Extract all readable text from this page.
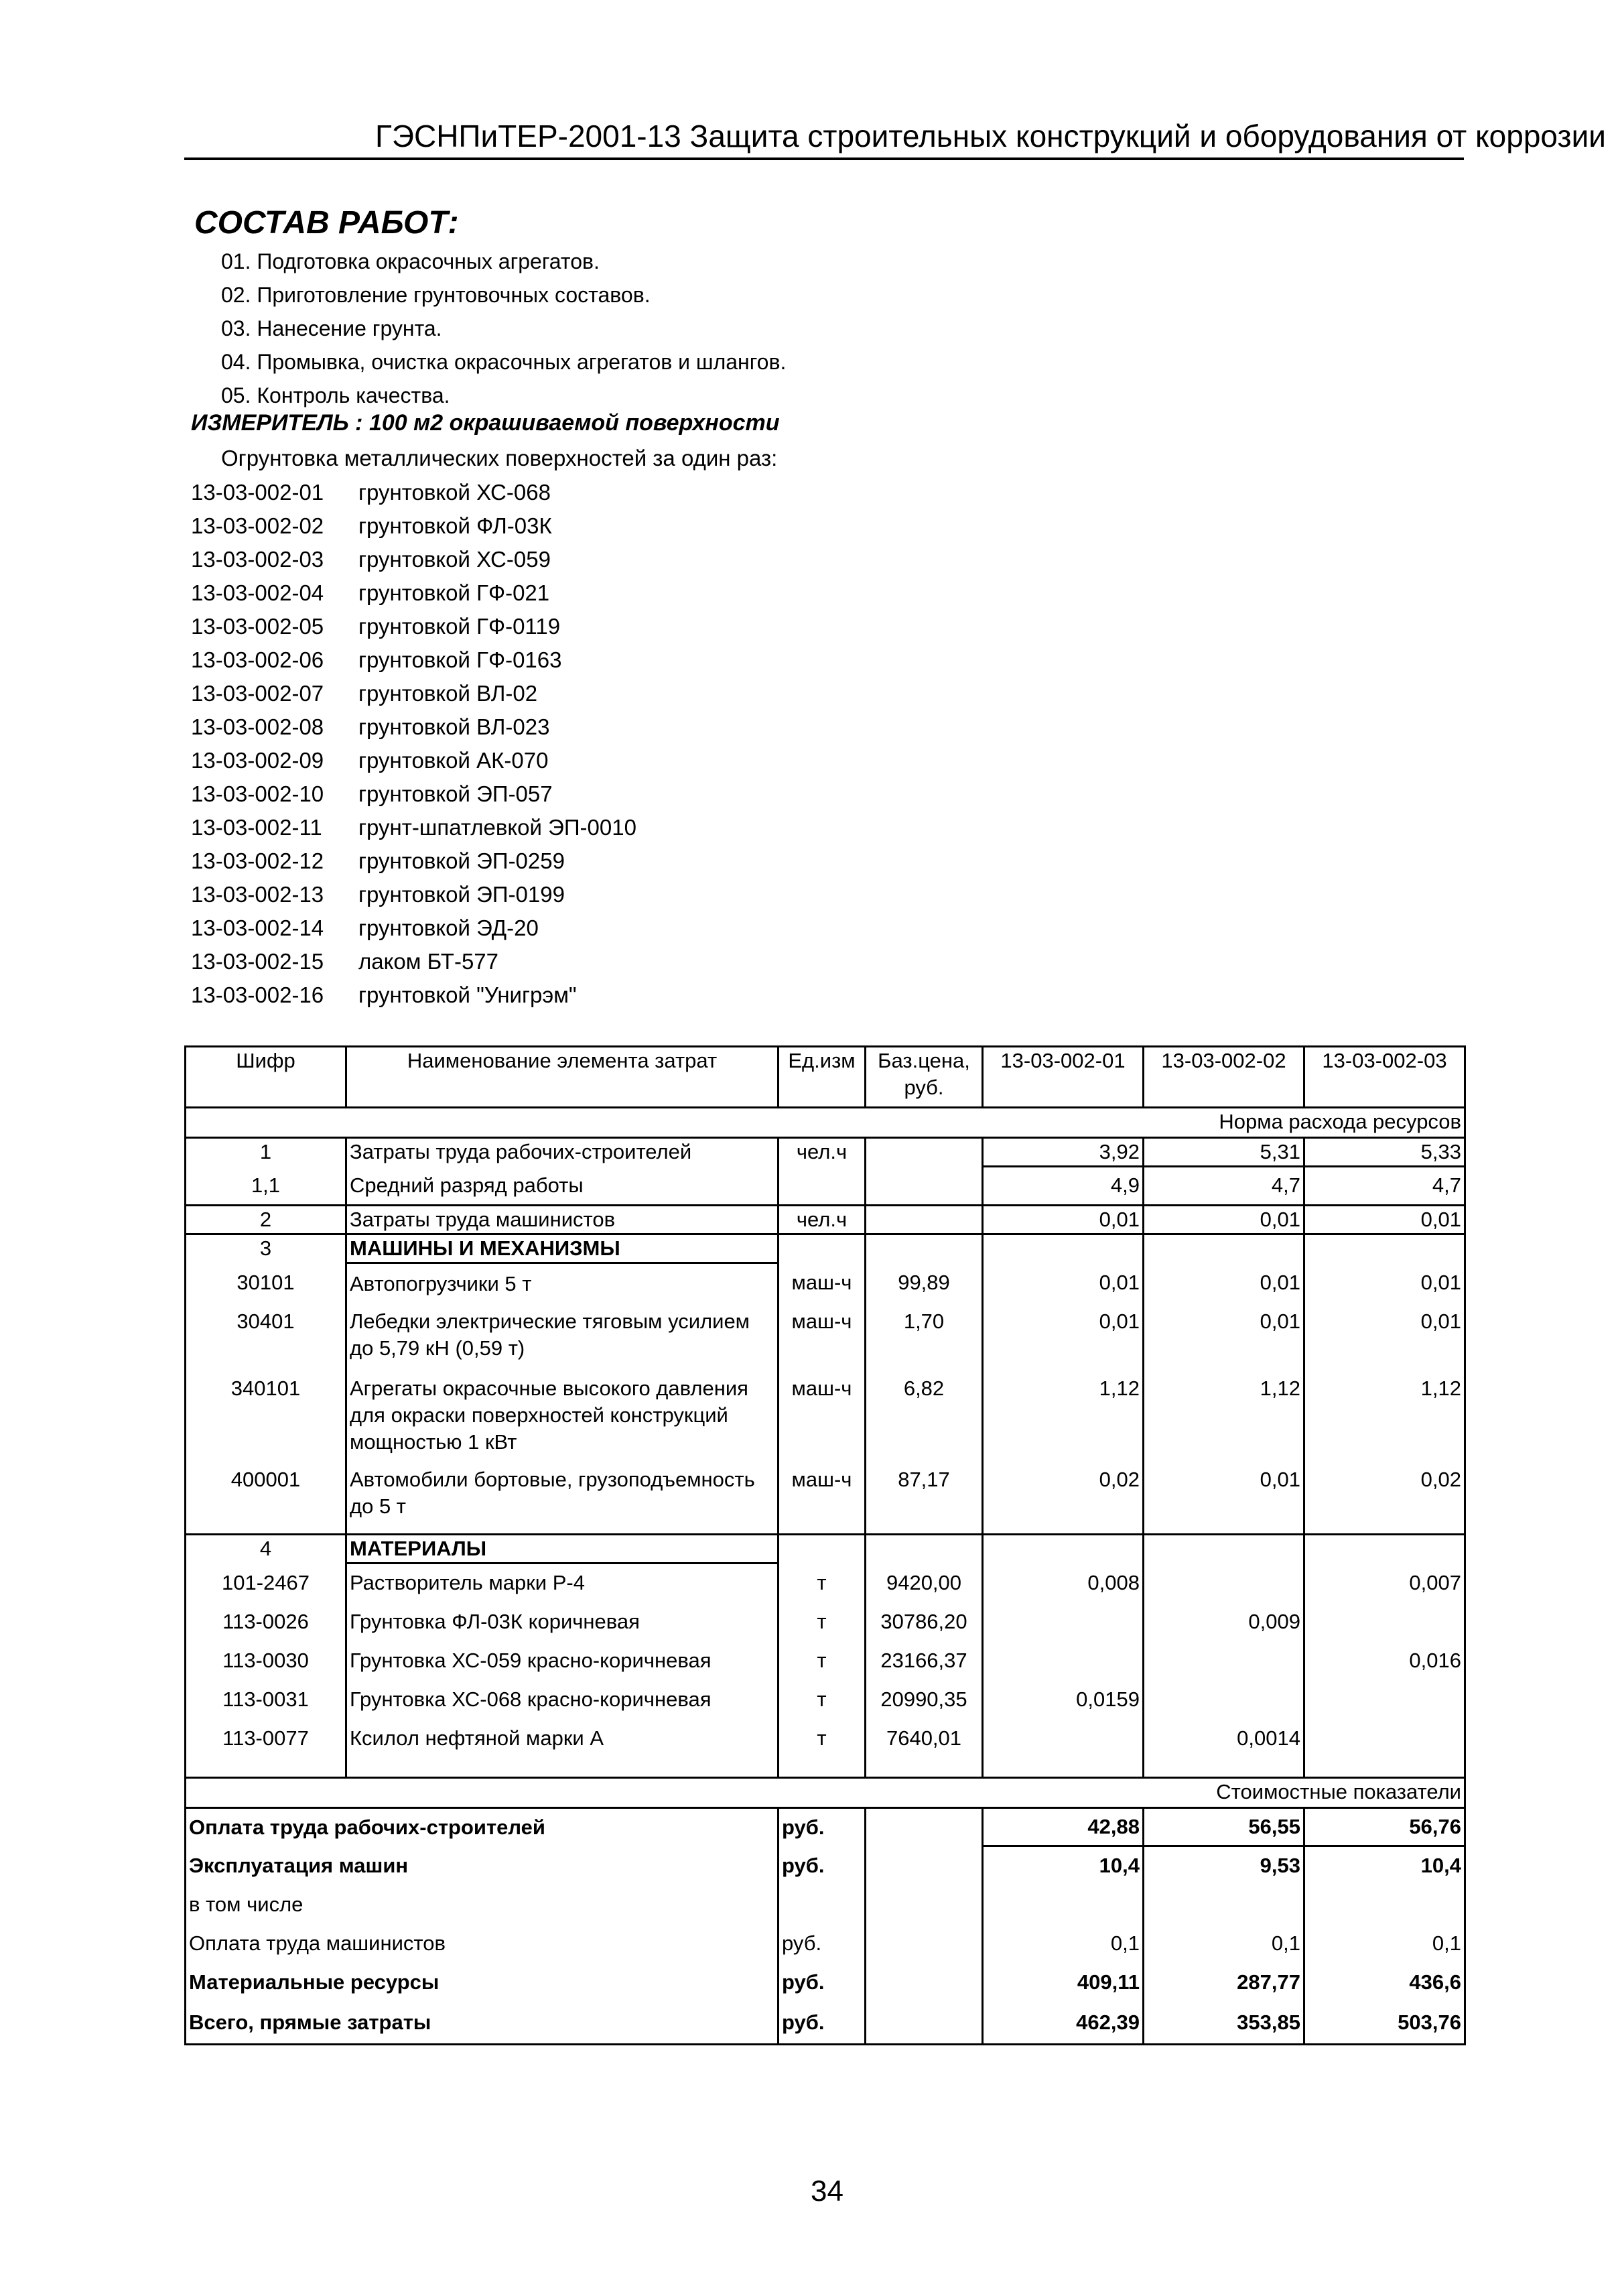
ГЭСНПиТЕР-2001-13 Защита строительных конструкций и оборудования от коррозии
СОСТАВ РАБОТ:
01. Подготовка окрасочных агрегатов.
02. Приготовление грунтовочных составов.
03. Нанесение грунта.
04. Промывка, очистка окрасочных агрегатов и шлангов.
05. Контроль качества.
ИЗМЕРИТЕЛЬ : 100 м2 окрашиваемой поверхности
Огрунтовка металлических поверхностей за один раз:
13-03-002-01 грунтовкой ХС-068
13-03-002-02 грунтовкой ФЛ-03К
13-03-002-03 грунтовкой ХС-059
13-03-002-04 грунтовкой ГФ-021
13-03-002-05 грунтовкой ГФ-0119
13-03-002-06 грунтовкой ГФ-0163
13-03-002-07 грунтовкой ВЛ-02
13-03-002-08 грунтовкой ВЛ-023
13-03-002-09 грунтовкой АК-070
13-03-002-10 грунтовкой ЭП-057
13-03-002-11 грунт-шпатлевкой ЭП-0010
13-03-002-12 грунтовкой ЭП-0259
13-03-002-13 грунтовкой ЭП-0199
13-03-002-14 грунтовкой ЭД-20
13-03-002-15 лаком БТ-577
13-03-002-16 грунтовкой "Унигрэм"
Шифр	Наименование элемента затрат	Ед.изм	Баз.цена, руб.	13-03-002-01	13-03-002-02	13-03-002-03
Норма расхода ресурсов						
1	Затраты труда рабочих-строителей	чел.ч		3,92	5,31	5,33
1,1	Средний разряд работы			4,9	4,7	4,7
2	Затраты труда машинистов	чел.ч		0,01	0,01	0,01
3	МАШИНЫ И МЕХАНИЗМЫ					
30101	Автопогрузчики 5 т	маш-ч	99,89	0,01	0,01	0,01
30401	Лебедки электрические тяговым усилием до 5,79 кН (0,59 т)	маш-ч	1,70	0,01	0,01	0,01
340101	Агрегаты окрасочные высокого давления для окраски поверхностей конструкций мощностью 1 кВт	маш-ч	6,82	1,12	1,12	1,12
400001	Автомобили бортовые, грузоподъемность до 5 т	маш-ч	87,17	0,02	0,01	0,02
4	МАТЕРИАЛЫ					
101-2467	Растворитель марки Р-4	т	9420,00	0,008		0,007
113-0026	Грунтовка ФЛ-03К коричневая	т	30786,20		0,009	
113-0030	Грунтовка ХС-059 красно-коричневая	т	23166,37			0,016
113-0031	Грунтовка ХС-068 красно-коричневая	т	20990,35	0,0159		
113-0077	Ксилол нефтяной марки А	т	7640,01		0,0014	

Стоимостные показатели						
Оплата труда рабочих-строителей		руб.		42,88	56,55	56,76
Эксплуатация машин		руб.		10,4	9,53	10,4
в том числе						
Оплата труда машинистов		руб.		0,1	0,1	0,1
Материальные ресурсы		руб.		409,11	287,77	436,6
Всего, прямые затраты		руб.		462,39	353,85	503,76
34
